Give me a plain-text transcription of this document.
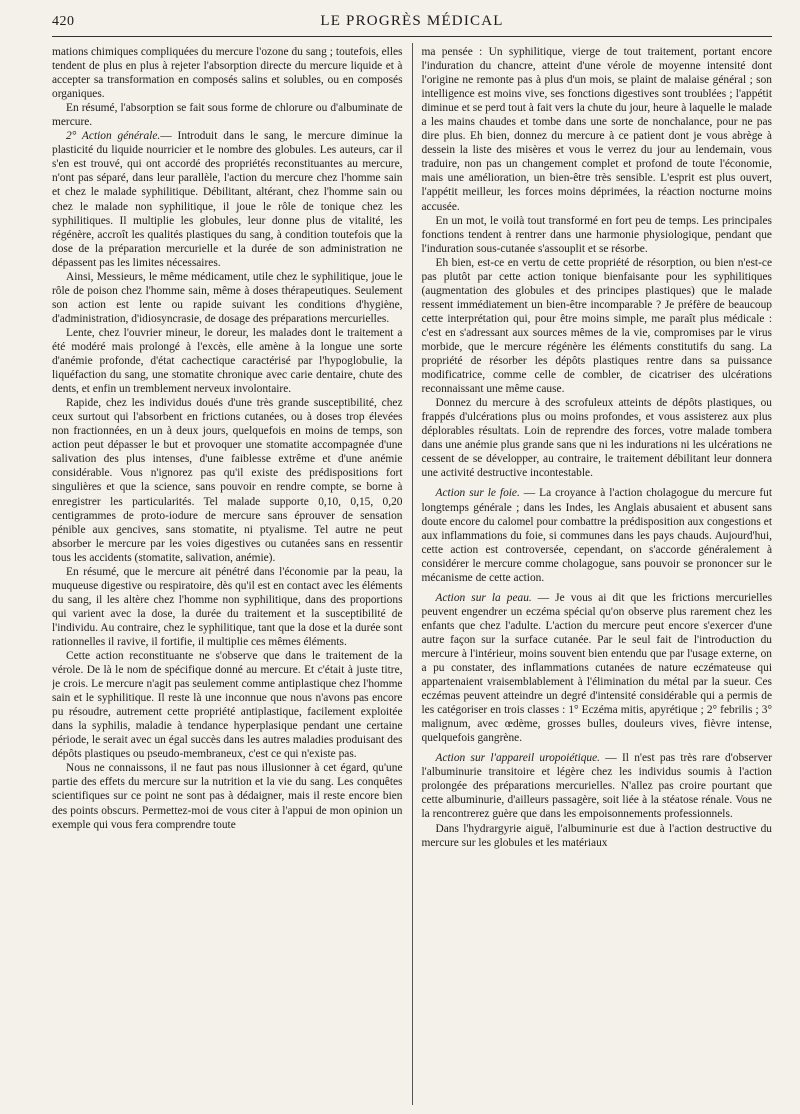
420	LE PROGRÈS MÉDICAL

mations chimiques compliquées du mercure l'ozone du sang ; toutefois, elles tendent de plus en plus à rejeter l'absorption directe du mercure liquide et à accepter sa transformation en composés salins et solubles, ou en composés organiques.

En résumé, l'absorption se fait sous forme de chlorure ou d'albuminate de mercure.

2° Action générale.— Introduit dans le sang, le mercure diminue la plasticité du liquide nourricier et le nombre des globules. Les auteurs, car il s'en est trouvé, qui ont accordé des propriétés reconstituantes au mercure, n'ont pas séparé, dans leur parallèle, l'action du mercure chez l'homme sain et chez le malade syphilitique. Débilitant, altérant, chez l'homme sain ou chez le malade non syphilitique, il joue le rôle de tonique chez les syphilitiques. Il multiplie les globules, leur donne plus de vitalité, les régénère, accroît les qualités plastiques du sang, à condition toutefois que la dose de la préparation mercurielle et la durée de son administration ne dépassent pas les limites nécessaires.

Ainsi, Messieurs, le même médicament, utile chez le syphilitique, joue le rôle de poison chez l'homme sain, même à doses thérapeutiques. Seulement son action est lente ou rapide suivant les conditions d'hygiène, d'administration, d'idiosyncrasie, de dosage des préparations mercurielles.

Lente, chez l'ouvrier mineur, le doreur, les malades dont le traitement a été modéré mais prolongé à l'excès, elle amène à la longue une sorte d'anémie profonde, d'état cachectique caractérisé par l'hypoglobulie, la liquéfaction du sang, une stomatite chronique avec carie dentaire, chute des dents, et enfin un tremblement nerveux involontaire.

Rapide, chez les individus doués d'une très grande susceptibilité, chez ceux surtout qui l'absorbent en frictions cutanées, ou à doses trop élevées non fractionnées, en un à deux jours, quelquefois en moins de temps, son action peut dépasser le but et provoquer une stomatite accompagnée d'une salivation des plus intenses, d'une faiblesse extrême et d'une anémie considérable. Vous n'ignorez pas qu'il existe des prédispositions fort singulières et que la science, sans pouvoir en rendre compte, se borne à enregistrer les particularités. Tel malade supporte 0,10, 0,15, 0,20 centigrammes de proto-iodure de mercure sans éprouver de sensation pénible aux gencives, sans stomatite, ni ptyalisme. Tel autre ne peut absorber le mercure par les voies digestives ou cutanées sans en ressentir tous les accidents (stomatite, salivation, anémie).

En résumé, que le mercure ait pénétré dans l'économie par la peau, la muqueuse digestive ou respiratoire, dès qu'il est en contact avec les éléments du sang, il les altère chez l'homme non syphilitique, dans des proportions qui varient avec la dose, la durée du traitement et la susceptibilité de l'individu. Au contraire, chez le syphilitique, tant que la dose et la durée sont rationnelles il ravive, il fortifie, il multiplie ces mêmes éléments.

Cette action reconstituante ne s'observe que dans le traitement de la vérole. De là le nom de spécifique donné au mercure. Et c'était à juste titre, je crois. Le mercure n'agit pas seulement comme antiplastique chez l'homme sain et le syphilitique. Il reste là une inconnue que nous n'avons pas encore pu résoudre, autrement cette propriété antiplastique, facilement exploitée dans la syphilis, maladie à tendance hyperplasique pendant une certaine période, le serait avec un égal succès dans les autres maladies produisant des dépôts plastiques ou pseudo-membraneux, c'est ce qui n'existe pas.

Nous ne connaissons, il ne faut pas nous illusionner à cet égard, qu'une partie des effets du mercure sur la nutrition et la vie du sang. Les conquêtes scientifiques sur ce point ne sont pas à dédaigner, mais il reste encore bien des points obscurs. Permettez-moi de vous citer à l'appui de mon opinion un exemple qui vous fera comprendre toute

ma pensée : Un syphilitique, vierge de tout traitement, portant encore l'induration du chancre, atteint d'une vérole de moyenne intensité dont l'origine ne remonte pas à plus d'un mois, se plaint de malaise général ; son intelligence est moins vive, ses fonctions digestives sont troublées ; l'appétit diminue et se perd tout à fait vers la chute du jour, heure à laquelle le malade a les mains chaudes et tombe dans une sorte de nonchalance, pour ne pas dire plus. Eh bien, donnez du mercure à ce patient dont je vous abrège à dessein la liste des misères et vous le verrez du jour au lendemain, vous traduire, non pas un changement complet et profond de toute l'économie, mais une amélioration, un bien-être très sensible. L'esprit est plus ouvert, l'appétit meilleur, les forces moins déprimées, la réaction nocturne moins accusée.

En un mot, le voilà tout transformé en fort peu de temps. Les principales fonctions tendent à rentrer dans une harmonie physiologique, pendant que l'induration sous-cutanée s'assouplit et se résorbe.

Eh bien, est-ce en vertu de cette propriété de résorption, ou bien n'est-ce pas plutôt par cette action tonique bienfaisante pour les syphilitiques (augmentation des globules et des principes plastiques) que le malade ressent immédiatement un bien-être incomparable ? Je préfère de beaucoup cette interprétation qui, pour être moins simple, me paraît plus médicale : c'est en s'adressant aux sources mêmes de la vie, compromises par le virus morbide, que le mercure régénère les éléments constitutifs du sang. La propriété de résorber les dépôts plastiques rentre dans sa puissance modificatrice, comme celle de combler, de cicatriser des ulcérations reconnaissant une même cause.

Donnez du mercure à des scrofuleux atteints de dépôts plastiques, ou frappés d'ulcérations plus ou moins profondes, et vous assisterez aux plus déplorables résultats. Loin de reprendre des forces, votre malade tombera dans une anémie plus grande sans que ni les indurations ni les ulcérations ne cessent de se développer, au contraire, le traitement débilitant leur donnera une activité destructive incontestable.

Action sur le foie. — La croyance à l'action cholagogue du mercure fut longtemps générale ; dans les Indes, les Anglais abusaient et abusent sans doute encore du calomel pour combattre la prédisposition aux congestions et aux inflammations du foie, si communes dans les pays chauds. Aujourd'hui, cette action est controversée, cependant, on s'accorde généralement à considérer le mercure comme cholagogue, sans pouvoir se prononcer sur le mécanisme de cette action.

Action sur la peau. — Je vous ai dit que les frictions mercurielles peuvent engendrer un eczéma spécial qu'on observe plus rarement chez les enfants que chez l'adulte. L'action du mercure peut encore s'exercer d'une autre façon sur la surface cutanée. Par le seul fait de l'introduction du mercure à l'intérieur, moins souvent bien entendu que par l'usage externe, on a pu constater, des inflammations cutanées de nature eczémateuse qui appartenaient vraisemblablement à l'élimination du métal par la sueur. Ces eczémas peuvent atteindre un degré d'intensité considérable qui a permis de les catégoriser en trois classes : 1° Eczéma mitis, apyrétique ; 2° febrilis ; 3° malignum, avec œdème, grosses bulles, douleurs vives, fièvre intense, quelquefois gangrène.

Action sur l'appareil uropoiétique. — Il n'est pas très rare d'observer l'albuminurie transitoire et légère chez les individus soumis à l'action prolongée des préparations mercurielles. N'allez pas croire pourtant que cette albuminurie, d'ailleurs passagère, soit liée à la stéatose rénale. Vous ne la rencontrerez guère que dans les empoisonnements professionnels.

Dans l'hydrargyrie aiguë, l'albuminurie est due à l'action destructive du mercure sur les globules et les matériaux
